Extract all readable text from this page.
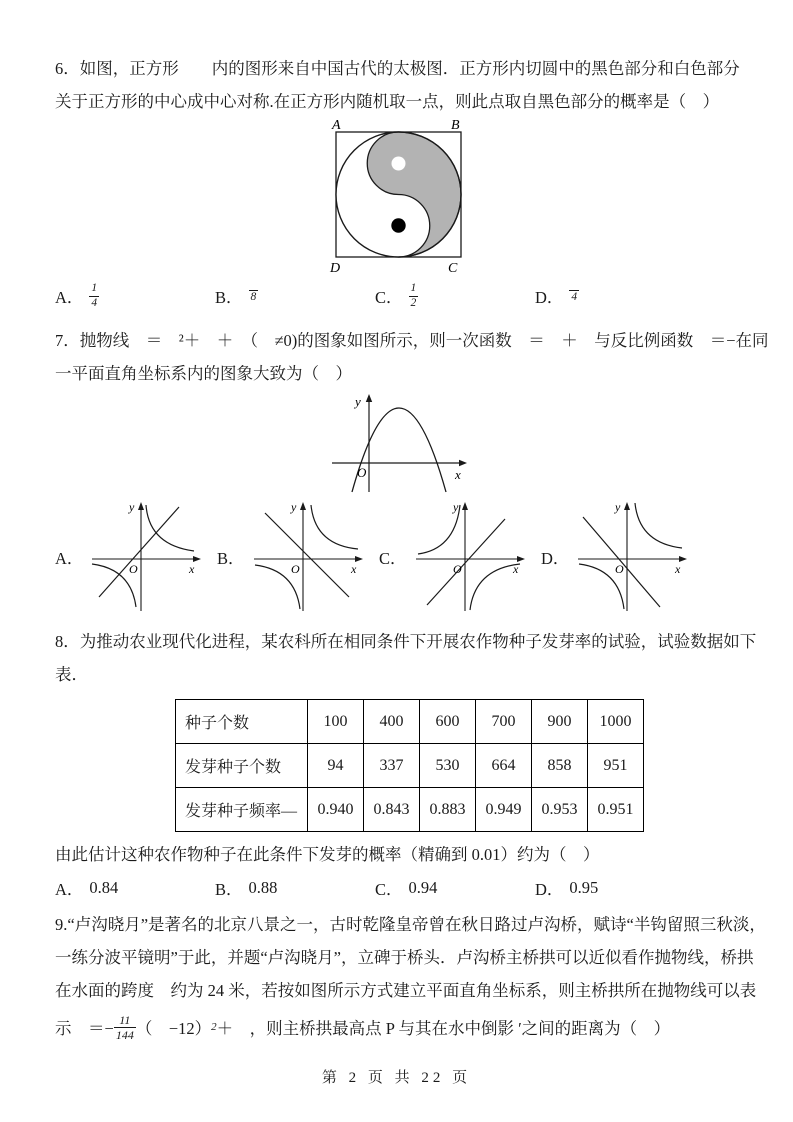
6．如图，正方形　　内的图形来自中国古代的太极图．正方形内切圆中的黑色部分和白色部分
关于正方形的中心成中心对称.在正方形内随机取一点，则此点取自黑色部分的概率是（　）
A	B
D	C
A． $\frac{1}{4}$	B． 8	C． $\frac{1}{2}$	D． 4
7．抛物线　＝　²＋　＋　（　≠0)的图象如图所示，则一次函数　＝　＋　与反比例函数　＝−在同
一平面直角坐标系内的图象大致为（　）
y
x
O
A．
y
x
O
B．
y
x
O
C．
y
x
O
D．
y
x
O
8．为推动农业现代化进程，某农科所在相同条件下开展农作物种子发芽率的试验，试验数据如下
表．
种子个数	100	400	600	700	900	1000
发芽种子个数	94	337	530	664	858	951
发芽种子频率—	0.940	0.843	0.883	0.949	0.953	0.951
由此估计这种农作物种子在此条件下发芽的概率（精确到 0.01）约为（　）
A． 0.84	B． 0.88	C． 0.94	D． 0.95
9.“卢沟晓月”是著名的北京八景之一，古时乾隆皇帝曾在秋日路过卢沟桥，赋诗“半钩留照三秋淡，
一练分波平镜明”于此，并题“卢沟晓月”，立碑于桥头．卢沟桥主桥拱可以近似看作抛物线，桥拱
在水面的跨度　约为 24 米，若按如图所示方式建立平面直角坐标系，则主桥拱所在抛物线可以表
示　＝− $\frac{11}{144}$ （　−12） 2 ＋　，则主桥拱最高点 P 与其在水中倒影 ′之间的距离为（　）
第 2 页 共 22 页
